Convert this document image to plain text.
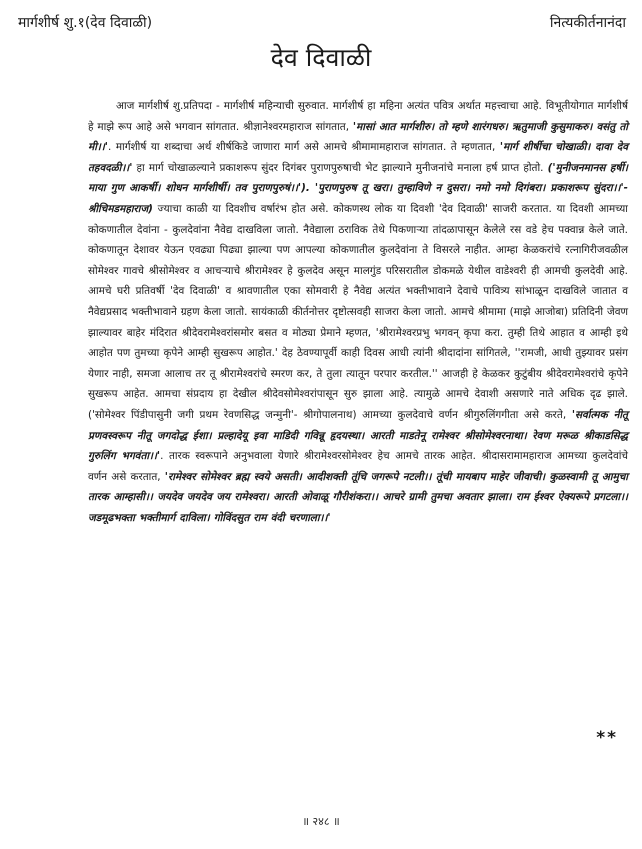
मार्गशीर्ष शु.१(देव दिवाळी)	नित्यकीर्तनानंदा
देव दिवाळी

आज मार्गशीर्ष शु.प्रतिपदा - मार्गशीर्ष महिन्याची सुरुवात. मार्गशीर्ष हा महिना अत्यंत पवित्र अर्थात महत्त्वाचा आहे. विभूतीयोगात मार्गशीर्ष हे माझे रूप आहे असे भगवान सांगतात. श्रीज्ञानेश्वरमहाराज सांगतात, 'मासां आत मार्गशीरु। तो म्हणे शारंगधरु। ऋतुमाजी कुसुमाकरु। वसंतु तो मी।।'. मार्गशीर्ष या शब्दाचा अर्थ शीर्षकिडे जाणारा मार्ग असे आमचे श्रीमामामहाराज सांगतात. ते म्हणतात, 'मार्ग शीर्षीचा चोखाळी। दावा देव तहवदळी।।' हा मार्ग चोखाळल्याने प्रकाशरूप सुंदर दिगंबर पुराणपुरुषाची भेट झाल्याने मुनीजनांचे मनाला हर्ष प्राप्त होतो. ('मुनीजनमानस हर्षी। माया गुण आकर्षी। शोधन मार्गशीर्षी। तव पुराणपुरुषं।।'). 'पुराणपुरुष तू खरा। तुम्हाविणे न दुसरा। नमो नमो दिगंबरा। प्रकाशरूप सुंदरा।।'- श्रीचिमडमहाराज) ज्याचा काळी या दिवशीच वर्षारंभ होत असे. कोकणस्थ लोक या दिवशी 'देव दिवाळी' साजरी करतात. या दिवशी आमच्या कोकणातील देवांना - कुलदेवांना नैवेद्य दाखविला जातो. नैवेद्याला ठराविक तेथे पिकणाऱ्या तांदळापासून केलेले रस वडे हेच पक्वान्न केले जाते. कोकणातून देशावर येऊन एवढ्या पिढ्या झाल्या पण आपल्या कोकणातील कुलदेवांना ते विसरले नाहीत. आम्हा केळकरांचे रत्नागिरीजवळील सोमेश्वर गावचे श्रीसोमेश्वर व आचऱ्याचे श्रीरामेश्वर हे कुलदेव असून मालगुंड परिसरातील डोकमळे येथील वाडेश्वरी ही आमची कुलदेवी आहे. आमचे घरी प्रतिवर्षी 'देव दिवाळी' व श्रावणातील एका सोमवारी हे नैवेद्य अत्यंत भक्तीभावाने देवाचे पावित्र्य सांभाळून दाखविले जातात व नैवेद्यप्रसाद भक्तीभावाने ग्रहण केला जातो. सायंकाळी कीर्तनोत्तर दृष्टोत्सवही साजरा केला जातो. आमचे श्रीमामा (माझे आजोबा) प्रतिदिनी जेवण झाल्यावर बाहेर मंदिरात श्रीदेवरामेश्वरांसमोर बसत व मोठ्या प्रेमाने म्हणत, 'श्रीरामेश्वरप्रभु भगवन् कृपा करा. तुम्ही तिथे आहात व आम्ही इथे आहोत पण तुमच्या कृपेने आम्ही सुखरूप आहोत.' देह ठेवण्यापूर्वी काही दिवस आधी त्यांनी श्रीदादांना सांगितले, ''रामजी, आधी तुझ्यावर प्रसंग येणार नाही, समजा आलाच तर तू श्रीरामेश्वरांचे स्मरण कर, ते तुला त्यातून परपार करतील.'' आजही हे केळकर कुटुंबीय श्रीदेवरामेश्वरांचे कृपेने सुखरूप आहेत. आमचा संप्रदाय हा देखील श्रीदेवसोमेश्वरांपासून सुरु झाला आहे. त्यामुळे आमचे देवाशी असणारे नाते अधिक दृढ झाले. ('सोमेश्वर पिंडीपासुनी जगी प्रथम रेवणसिद्ध जन्मुनी'- श्रीगोपालनाथ) आमच्या कुलदेवाचे वर्णन श्रीगुरुलिंगगीता असे करते, 'सर्वात्मक नीतू प्रणवस्वरूप नीतू जगदोद्ध ईशा। प्रल्हादेयू इवा माडिदी गविन्नू हृदयस्था। आरती माडतेनू रामेश्वर श्रीसोमेश्वरनाथा। रेवण मरूळ श्रीकाडसिद्ध गुरुलिंग भगवंता।।'. तारक स्वरूपाने अनुभवाला येणारे श्रीरामेश्वरसोमेश्वर हेच आमचे तारक आहेत. श्रीदासरामामहाराज आमच्या कुलदेवांचे वर्णन असे करतात, 'रामेश्वर सोमेश्वर ब्रह्म स्वये असती। आदीशक्ती तूंचि जगरूपे नटली।। तूंची मायबाप माहेर जीवाची। कुळस्वामी तू आमुचा तारक आम्हासी।। जयदेव जयदेव जय रामेश्वरा। आरती ओवाळू गौरीशंकरा।। आचरे ग्रामी तुमचा अवतार झाला। राम ईश्वर ऐक्यरूपे प्रगटला।। जडमूढभक्ता भक्तीमार्ग दाविला। गोविंदसुत राम वंदी चरणाला।।'

**
॥ २४८ ॥
